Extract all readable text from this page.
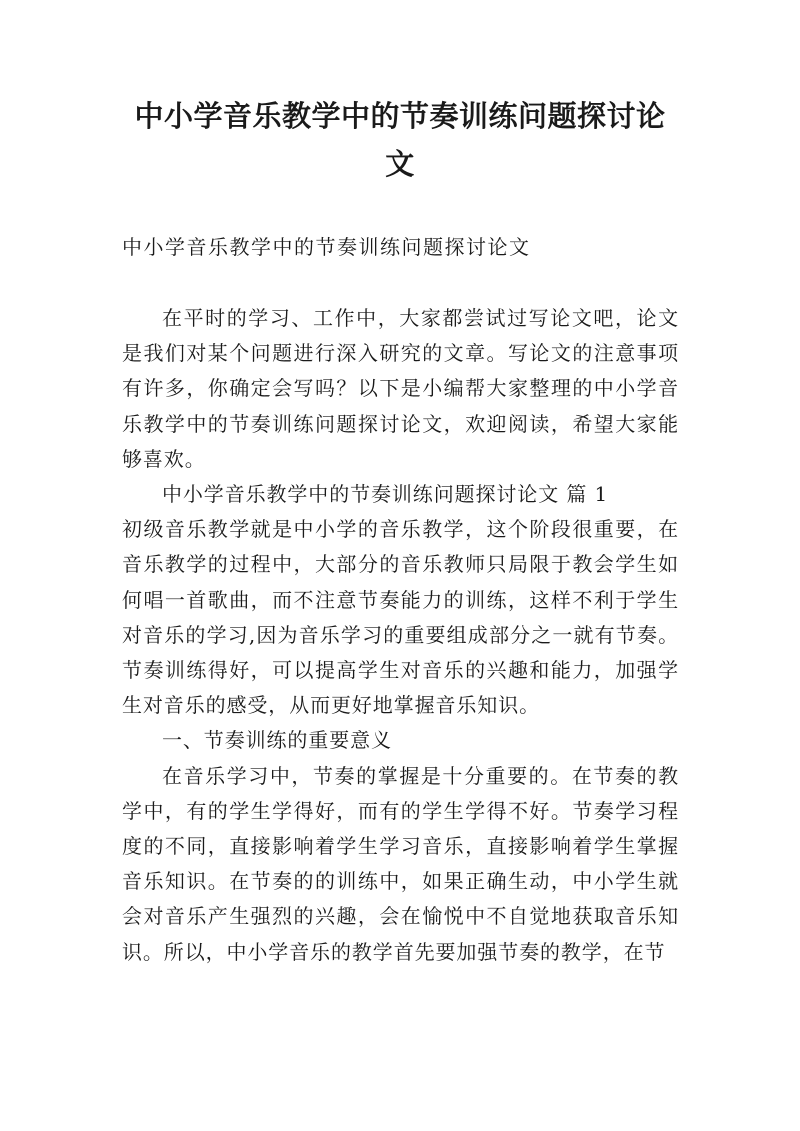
中小学音乐教学中的节奏训练问题探讨论文

中小学音乐教学中的节奏训练问题探讨论文

在平时的学习、工作中，大家都尝试过写论文吧，论文是我们对某个问题进行深入研究的文章。写论文的注意事项有许多，你确定会写吗？以下是小编帮大家整理的中小学音乐教学中的节奏训练问题探讨论文，欢迎阅读，希望大家能够喜欢。

中小学音乐教学中的节奏训练问题探讨论文 篇 1

初级音乐教学就是中小学的音乐教学，这个阶段很重要，在音乐教学的过程中，大部分的音乐教师只局限于教会学生如何唱一首歌曲，而不注意节奏能力的训练，这样不利于学生对音乐的学习,因为音乐学习的重要组成部分之一就有节奏。节奏训练得好，可以提高学生对音乐的兴趣和能力，加强学生对音乐的感受，从而更好地掌握音乐知识。

一、节奏训练的重要意义

在音乐学习中，节奏的掌握是十分重要的。在节奏的教学中，有的学生学得好，而有的学生学得不好。节奏学习程度的不同，直接影响着学生学习音乐，直接影响着学生掌握音乐知识。在节奏的的训练中，如果正确生动，中小学生就会对音乐产生强烈的兴趣，会在愉悦中不自觉地获取音乐知识。所以，中小学音乐的教学首先要加强节奏的教学，在节
